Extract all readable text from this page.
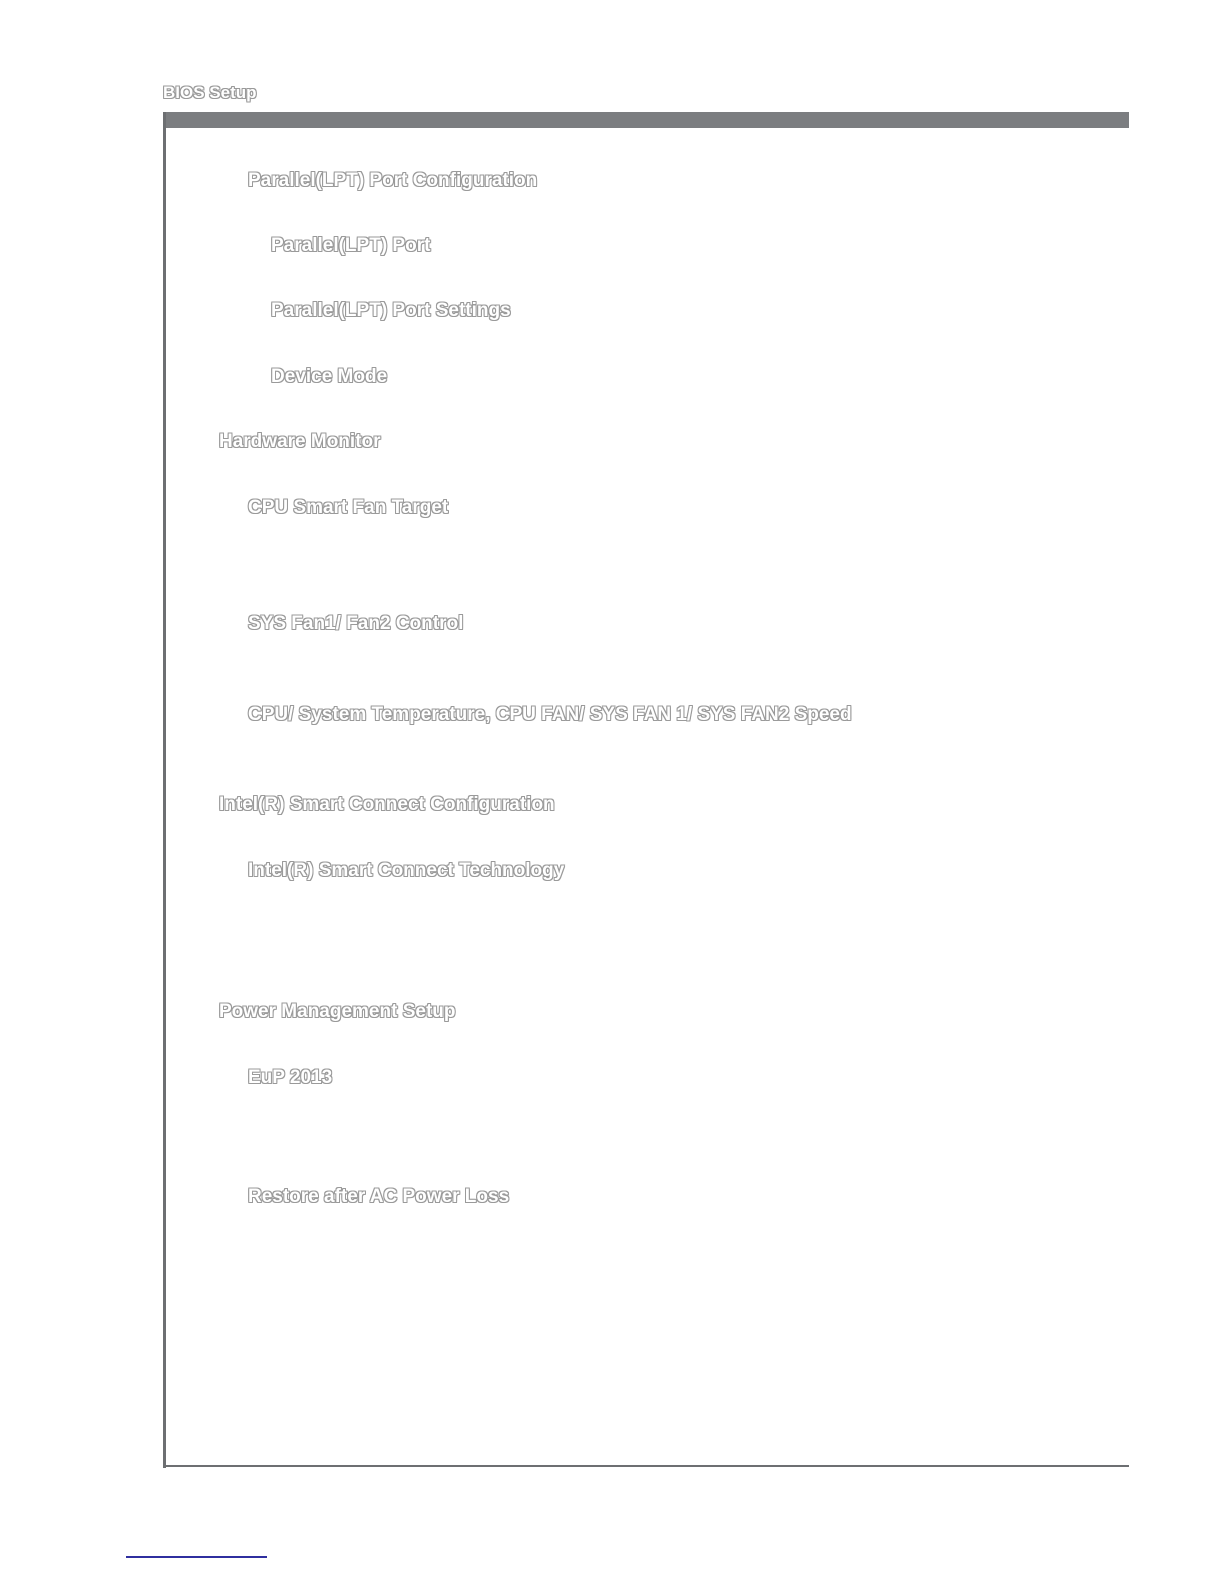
BIOS Setup
Parallel(LPT) Port Configuration
Parallel(LPT) Port
Parallel(LPT) Port Settings
Device Mode
Hardware Monitor
CPU Smart Fan Target
SYS Fan1/ Fan2 Control
CPU/ System Temperature, CPU FAN/ SYS FAN 1/ SYS FAN2 Speed
Intel(R) Smart Connect Configuration
Intel(R) Smart Connect Technology
Power Management Setup
EuP 2013
Restore after AC Power Loss
